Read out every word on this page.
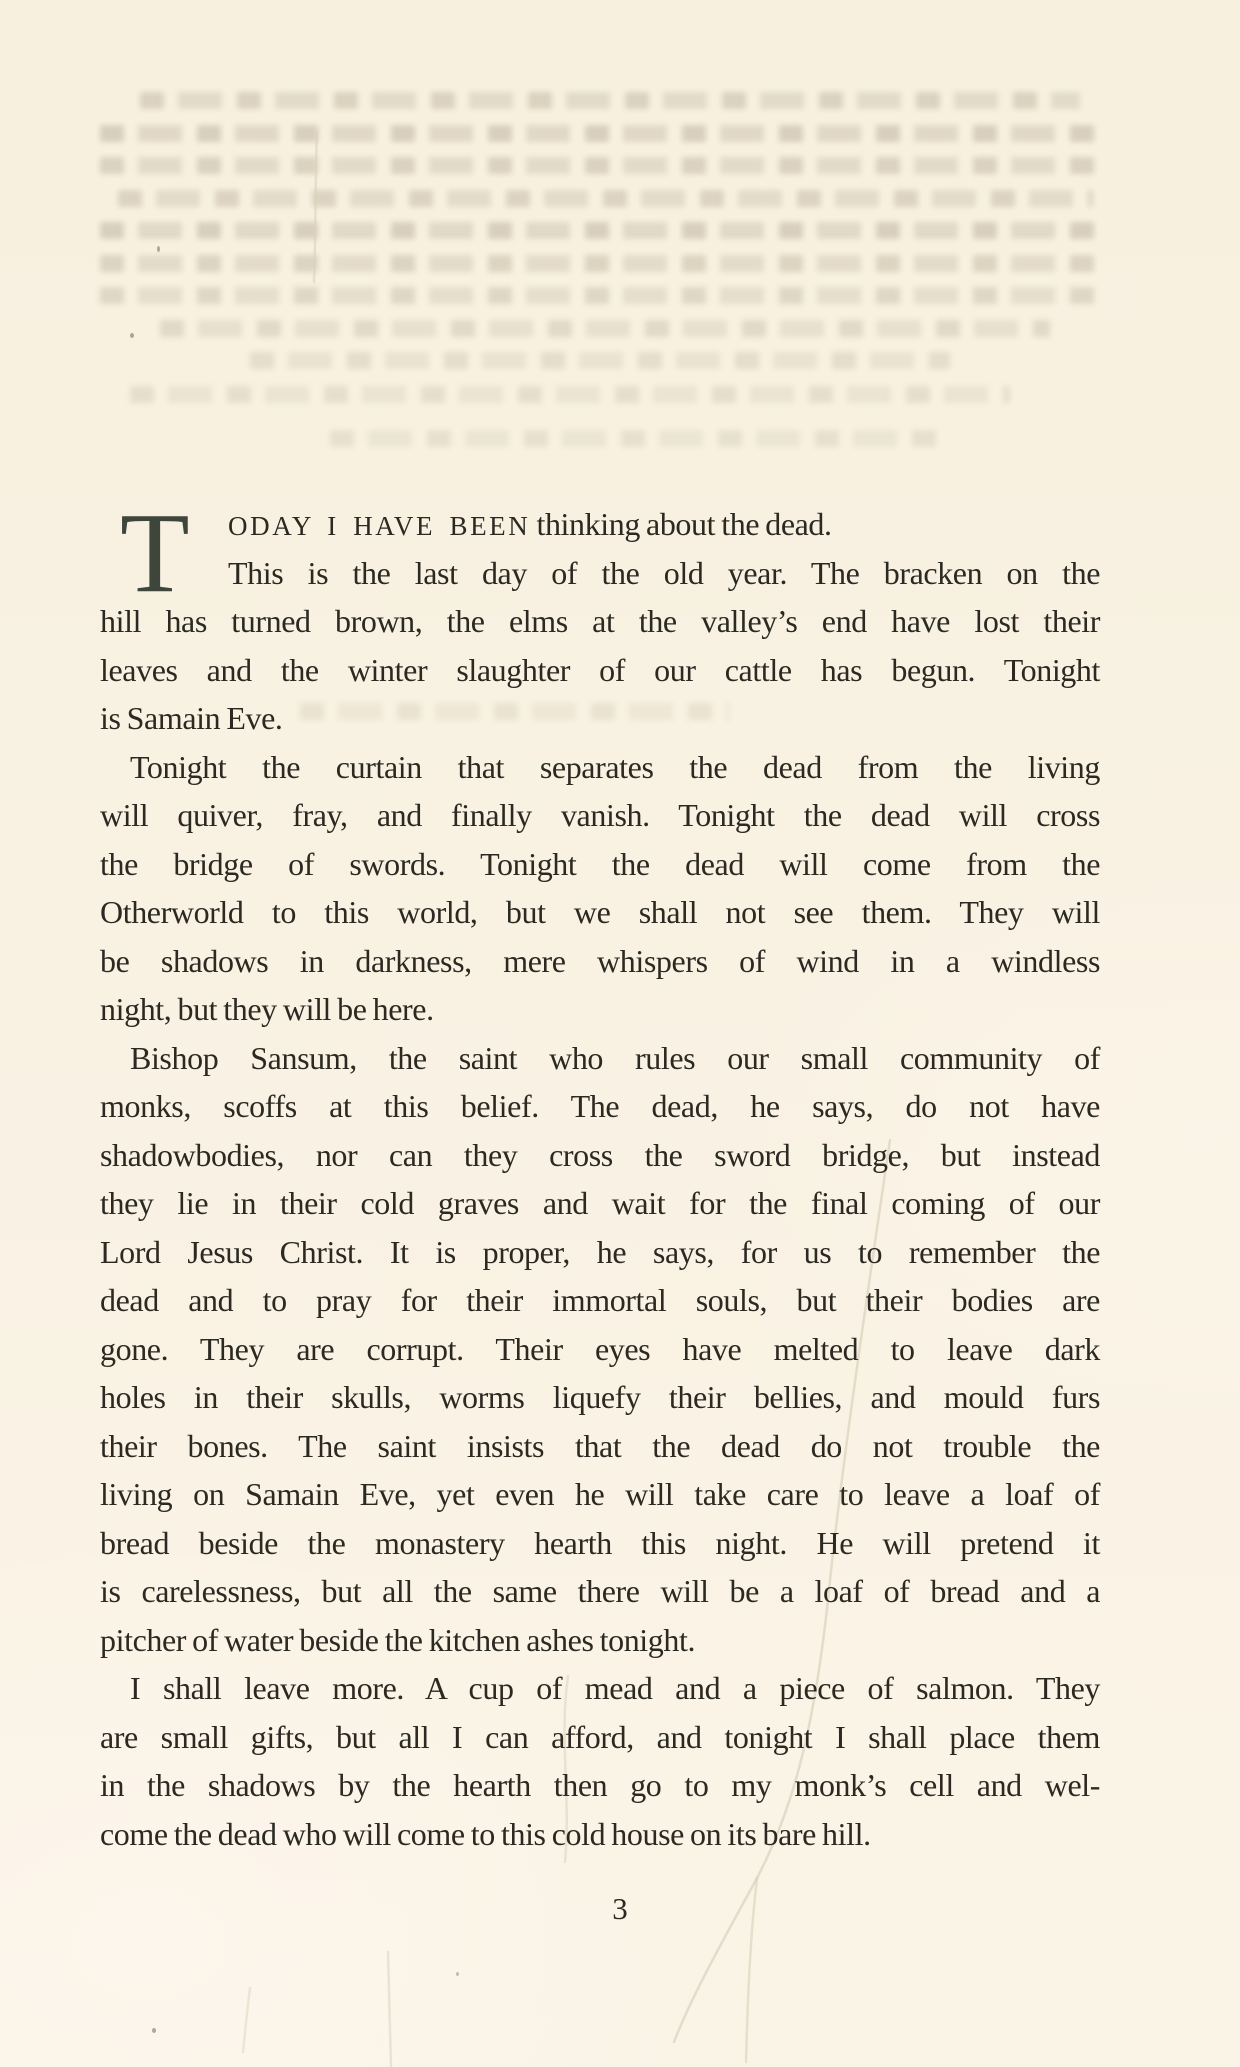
T	ODAY I HAVE BEEN thinking about the dead.
This is the last day of the old year. The bracken on the
hill has turned brown, the elms at the valley’s end have lost their
leaves and the winter slaughter of our cattle has begun. Tonight
is Samain Eve.
Tonight the curtain that separates the dead from the living
will quiver, fray, and finally vanish. Tonight the dead will cross
the bridge of swords. Tonight the dead will come from the
Otherworld to this world, but we shall not see them. They will
be shadows in darkness, mere whispers of wind in a windless
night, but they will be here.
Bishop Sansum, the saint who rules our small community of
monks, scoffs at this belief. The dead, he says, do not have
shadowbodies, nor can they cross the sword bridge, but instead
they lie in their cold graves and wait for the final coming of our
Lord Jesus Christ. It is proper, he says, for us to remember the
dead and to pray for their immortal souls, but their bodies are
gone. They are corrupt. Their eyes have melted to leave dark
holes in their skulls, worms liquefy their bellies, and mould furs
their bones. The saint insists that the dead do not trouble the
living on Samain Eve, yet even he will take care to leave a loaf of
bread beside the monastery hearth this night. He will pretend it
is carelessness, but all the same there will be a loaf of bread and a
pitcher of water beside the kitchen ashes tonight.
I shall leave more. A cup of mead and a piece of salmon. They
are small gifts, but all I can afford, and tonight I shall place them
in the shadows by the hearth then go to my monk’s cell and wel-
come the dead who will come to this cold house on its bare hill.
3
